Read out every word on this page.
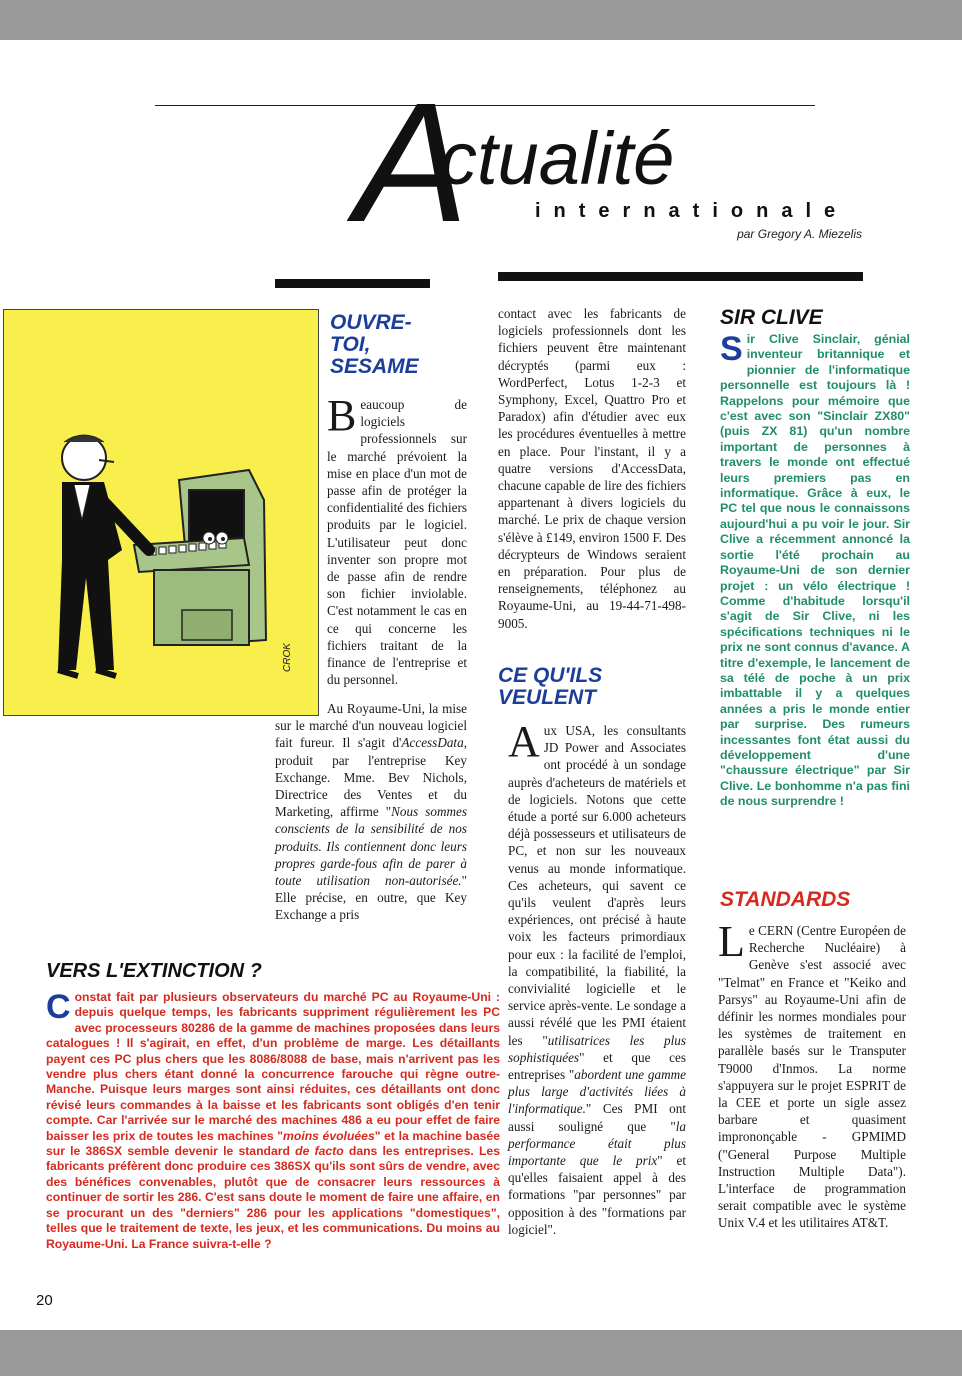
A
ctualité
internationale
par Gregory A. Miezelis
CROK
OUVRE-
TOI,
SESAME
B eaucoup de logiciels professionnels sur le marché prévoient la mise en place d'un mot de passe afin de protéger la confidentialité des fichiers produits par le logiciel. L'utilisateur peut donc inventer son propre mot de passe afin de rendre son fichier inviolable. C'est notamment le cas en ce qui concerne les fichiers traitant de la finance de l'entreprise et du personnel.
Au Royaume-Uni, la mise sur le marché d'un nouveau logiciel fait fureur. Il s'agit d'AccessData, produit par l'entreprise Key Exchange. Mme. Bev Nichols, Directrice des Ventes et du Marketing, affirme "Nous sommes conscients de la sensibilité de nos produits. Ils contiennent donc leurs propres garde-fous afin de parer à toute utilisation non-autorisée." Elle précise, en outre, que Key Exchange a pris
contact avec les fabricants de logiciels professionnels dont les fichiers peuvent être maintenant décryptés (parmi eux : WordPerfect, Lotus 1-2-3 et Symphony, Excel, Quattro Pro et Paradox) afin d'étudier avec eux les procédures éventuelles à mettre en place. Pour l'instant, il y a quatre versions d'AccessData, chacune capable de lire des fichiers appartenant à divers logiciels du marché. Le prix de chaque version s'élève à £149, environ 1500 F. Des décrypteurs de Windows seraient en préparation. Pour plus de renseignements, téléphonez au Royaume-Uni, au 19-44-71-498-9005.
CE QU'ILS
VEULENT
Aux USA, les consultants JD Power and Associates ont procédé à un sondage auprès d'acheteurs de matériels et de logiciels. Notons que cette étude a porté sur 6.000 acheteurs déjà possesseurs et utilisateurs de PC, et non sur les nouveaux venus au monde informatique. Ces acheteurs, qui savent ce qu'ils veulent d'après leurs expériences, ont précisé à haute voix les facteurs primordiaux pour eux : la facilité de l'emploi, la compatibilité, la fiabilité, la convivialité logicielle et le service après-vente. Le sondage a aussi révélé que les PMI étaient les "utilisatrices les plus sophistiquées" et que ces entreprises "abordent une gamme plus large d'activités liées à l'informatique." Ces PMI ont aussi souligné que "la performance était plus importante que le prix" et qu'elles faisaient appel à des formations "par personnes" par opposition à des "formations par logiciel".
SIR CLIVE
Sir Clive Sinclair, génial inventeur britannique et pionnier de l'informatique personnelle est toujours là ! Rappelons pour mémoire que c'est avec son "Sinclair ZX80" (puis ZX 81) qu'un nombre important de personnes à travers le monde ont effectué leurs premiers pas en informatique. Grâce à eux, le PC tel que nous le connaissons aujourd'hui a pu voir le jour. Sir Clive a récemment annoncé la sortie l'été prochain au Royaume-Uni de son dernier projet : un vélo électrique ! Comme d'habitude lorsqu'il s'agit de Sir Clive, ni les spécifications techniques ni le prix ne sont connus d'avance. A titre d'exemple, le lancement de sa télé de poche à un prix imbattable il y a quelques années a pris le monde entier par surprise. Des rumeurs incessantes font état aussi du développement d'une "chaussure électrique" par Sir Clive. Le bonhomme n'a pas fini de nous surprendre !
STANDARDS
Le CERN (Centre Européen de Recherche Nucléaire) à Genève s'est associé avec "Telmat" en France et "Keiko and Parsys" au Royaume-Uni afin de définir les normes mondiales pour les systèmes de traitement en parallèle basés sur le Transputer T9000 d'Inmos. La norme s'appuyera sur le projet ESPRIT de la CEE et porte un sigle assez barbare et quasiment imprononçable - GPMIMD ("General Purpose Multiple Instruction Multiple Data"). L'interface de programmation serait compatible avec le système Unix V.4 et les utilitaires AT&T.
VERS L'EXTINCTION ?
Constat fait par plusieurs observateurs du marché PC au Royaume-Uni : depuis quelque temps, les fabricants suppriment régulièrement les PC avec processeurs 80286 de la gamme de machines proposées dans leurs catalogues ! Il s'agirait, en effet, d'un problème de marge. Les détaillants payent ces PC plus chers que les 8086/8088 de base, mais n'arrivent pas les vendre plus chers étant donné la concurrence farouche qui règne outre-Manche. Puisque leurs marges sont ainsi réduites, ces détaillants ont donc révisé leurs commandes à la baisse et les fabricants sont obligés d'en tenir compte. Car l'arrivée sur le marché des machines 486 a eu pour effet de faire baisser les prix de toutes les machines "moins évoluées" et la machine basée sur le 386SX semble devenir le standard de facto dans les entreprises. Les fabricants préfèrent donc produire ces 386SX qu'ils sont sûrs de vendre, avec des bénéfices convenables, plutôt que de consacrer leurs ressources à continuer de sortir les 286. C'est sans doute le moment de faire une affaire, en se procurant un des "derniers" 286 pour les applications "domestiques", telles que le traitement de texte, les jeux, et les communications. Du moins au Royaume-Uni. La France suivra-t-elle ?
20
